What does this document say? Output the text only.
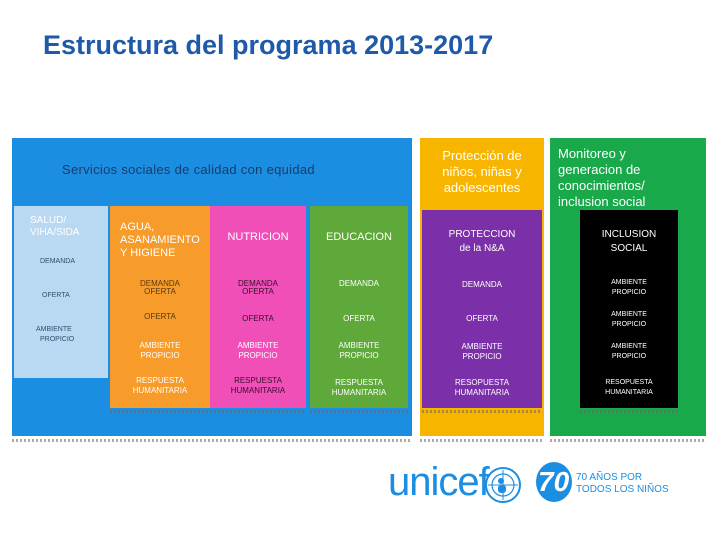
Estructura del programa 2013-2017
Servicios sociales de calidad con equidad
SALUD/
VIHA/SIDA
DEMANDA
OFERTA
AMBIENTE
PROPICIO
AGUA,
ASANAMIENTO
Y HIGIENE
DEMANDA
OFERTA
OFERTA
AMBIENTE
PROPICIO
RESPUESTA
HUMANITARIA
NUTRICION
DEMANDA
OFERTA
OFERTA
AMBIENTE
PROPICIO
RESPUESTA
HUMANITARIA
EDUCACION
DEMANDA
OFERTA
AMBIENTE
PROPICIO
RESPUESTA
HUMANITARIA
Protección de
niños, niñas y
adolescentes
PROTECCION
de la N&A
DEMANDA
OFERTA
AMBIENTE
PROPICIO
RESOPUESTA
HUMANITARIA
Monitoreo y
generacion de
conocimientos/
inclusion social
INCLUSION
SOCIAL
AMBIENTE
PROPICIO
AMBIENTE
PROPICIO
AMBIENTE
PROPICIO
RESOPUESTA
HUMANITARIA
unicef 70 70 AÑOS POR
TODOS LOS NIÑOS
